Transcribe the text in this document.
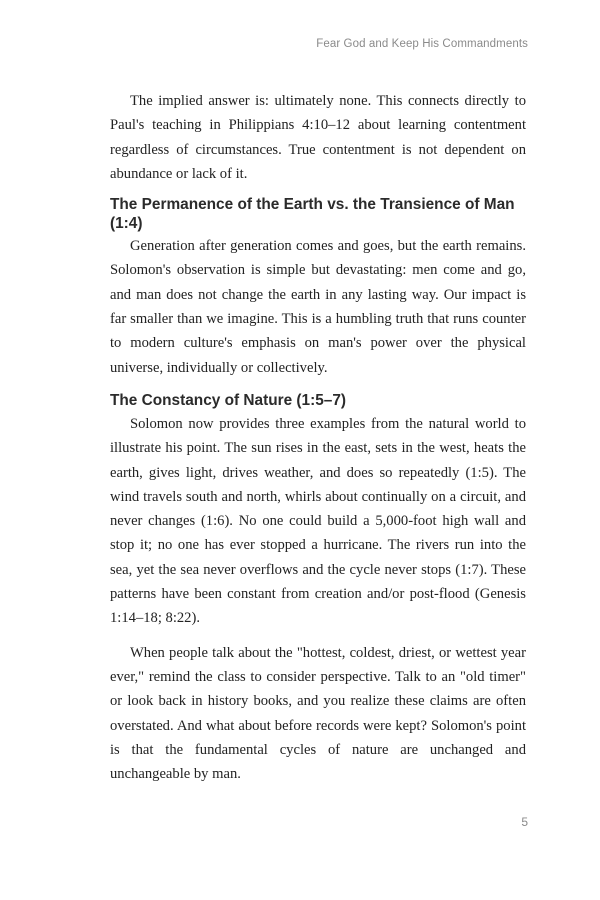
Fear God and Keep His Commandments

The implied answer is: ultimately none. This connects directly to Paul's teaching in Philippians 4:10–12 about learning contentment regardless of circumstances. True contentment is not dependent on abundance or lack of it.

The Permanence of the Earth vs. the Transience of Man (1:4)

Generation after generation comes and goes, but the earth remains. Solomon's observation is simple but devastating: men come and go, and man does not change the earth in any lasting way. Our impact is far smaller than we imagine. This is a humbling truth that runs counter to modern culture's emphasis on man's power over the physical universe, individually or collectively.

The Constancy of Nature (1:5–7)

Solomon now provides three examples from the natural world to illustrate his point. The sun rises in the east, sets in the west, heats the earth, gives light, drives weather, and does so repeatedly (1:5). The wind travels south and north, whirls about continually on a circuit, and never changes (1:6). No one could build a 5,000-foot high wall and stop it; no one has ever stopped a hurricane. The rivers run into the sea, yet the sea never overflows and the cycle never stops (1:7). These patterns have been constant from creation and/or post-flood (Genesis 1:14–18; 8:22).

When people talk about the "hottest, coldest, driest, or wettest year ever," remind the class to consider perspective. Talk to an "old timer" or look back in history books, and you realize these claims are often overstated. And what about before records were kept? Solomon's point is that the fundamental cycles of nature are unchanged and unchangeable by man.

5
